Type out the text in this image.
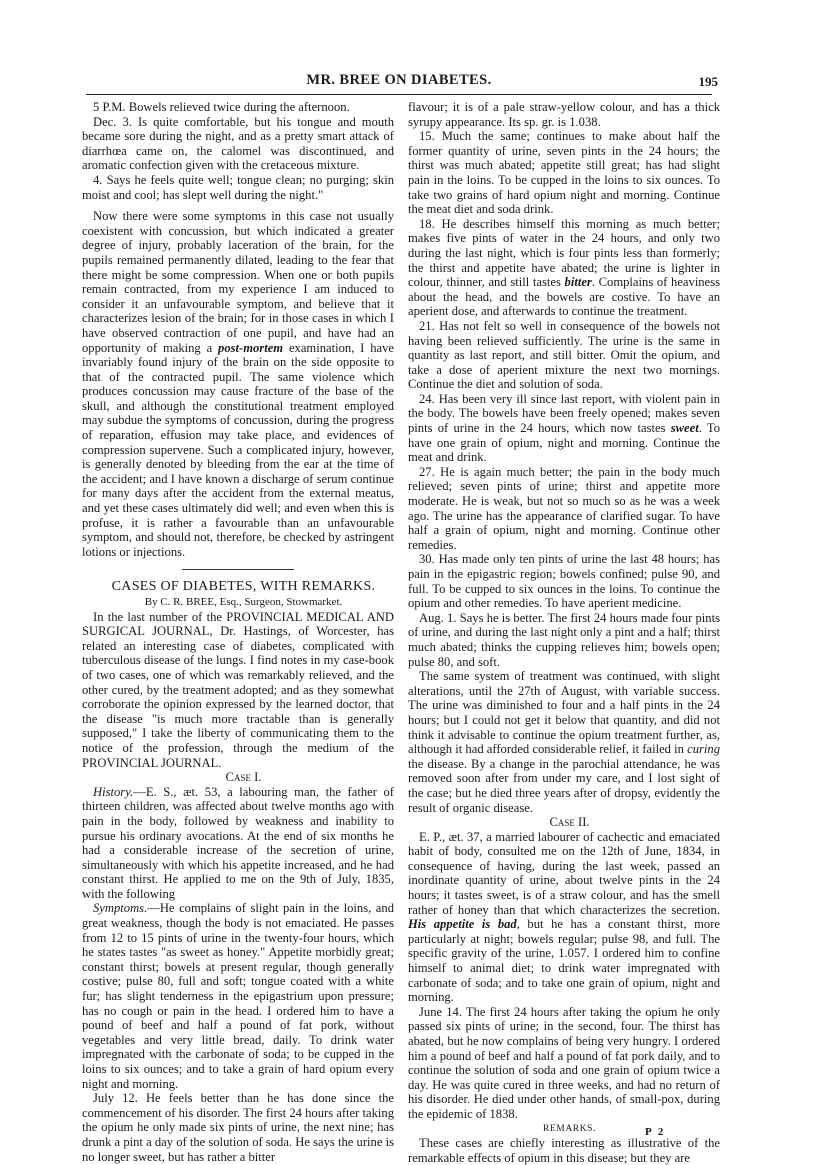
MR. BREE ON DIABETES.	195

5 P.M. Bowels relieved twice during the afternoon.

Dec. 3. Is quite comfortable, but his tongue and mouth became sore during the night, and as a pretty smart attack of diarrhœa came on, the calomel was discontinued, and aromatic confection given with the cretaceous mixture.

4. Says he feels quite well; tongue clean; no purging; skin moist and cool; has slept well during the night."

Now there were some symptoms in this case not usually coexistent with concussion, but which indicated a greater degree of injury, probably laceration of the brain, for the pupils remained permanently dilated, leading to the fear that there might be some compression. When one or both pupils remain contracted, from my experience I am induced to consider it an unfavourable symptom, and believe that it characterizes lesion of the brain; for in those cases in which I have observed contraction of one pupil, and have had an opportunity of making a post-mortem examination, I have invariably found injury of the brain on the side opposite to that of the contracted pupil. The same violence which produces concussion may cause fracture of the base of the skull, and although the constitutional treatment employed may subdue the symptoms of concussion, during the progress of reparation, effusion may take place, and evidences of compression supervene. Such a complicated injury, however, is generally denoted by bleeding from the ear at the time of the accident; and I have known a discharge of serum continue for many days after the accident from the external meatus, and yet these cases ultimately did well; and even when this is profuse, it is rather a favourable than an unfavourable symptom, and should not, therefore, be checked by astringent lotions or injections.

CASES OF DIABETES, WITH REMARKS.

By C. R. BREE, Esq., Surgeon, Stowmarket.

In the last number of the PROVINCIAL MEDICAL AND SURGICAL JOURNAL, Dr. Hastings, of Worcester, has related an interesting case of diabetes, complicated with tuberculous disease of the lungs. I find notes in my case-book of two cases, one of which was remarkably relieved, and the other cured, by the treatment adopted; and as they somewhat corroborate the opinion expressed by the learned doctor, that the disease "is much more tractable than is generally supposed," I take the liberty of communicating them to the notice of the profession, through the medium of the PROVINCIAL JOURNAL.

Case I.

History.—E. S., æt. 53, a labouring man, the father of thirteen children, was affected about twelve months ago with pain in the body, followed by weakness and inability to pursue his ordinary avocations. At the end of six months he had a considerable increase of the secretion of urine, simultaneously with which his appetite increased, and he had constant thirst. He applied to me on the 9th of July, 1835, with the following

Symptoms.—He complains of slight pain in the loins, and great weakness, though the body is not emaciated. He passes from 12 to 15 pints of urine in the twenty-four hours, which he states tastes "as sweet as honey." Appetite morbidly great; constant thirst; bowels at present regular, though generally costive; pulse 80, full and soft; tongue coated with a white fur; has slight tenderness in the epigastrium upon pressure; has no cough or pain in the head. I ordered him to have a pound of beef and half a pound of fat pork, without vegetables and very little bread, daily. To drink water impregnated with the carbonate of soda; to be cupped in the loins to six ounces; and to take a grain of hard opium every night and morning.

July 12. He feels better than he has done since the commencement of his disorder. The first 24 hours after taking the opium he only made six pints of urine, the next nine; has drunk a pint a day of the solution of soda. He says the urine is no longer sweet, but has rather a bitter

flavour; it is of a pale straw-yellow colour, and has a thick syrupy appearance. Its sp. gr. is 1.038.

15. Much the same; continues to make about half the former quantity of urine, seven pints in the 24 hours; the thirst was much abated; appetite still great; has had slight pain in the loins. To be cupped in the loins to six ounces. To take two grains of hard opium night and morning. Continue the meat diet and soda drink.

18. He describes himself this morning as much better; makes five pints of water in the 24 hours, and only two during the last night, which is four pints less than formerly; the thirst and appetite have abated; the urine is lighter in colour, thinner, and still tastes bitter. Complains of heaviness about the head, and the bowels are costive. To have an aperient dose, and afterwards to continue the treatment.

21. Has not felt so well in consequence of the bowels not having been relieved sufficiently. The urine is the same in quantity as last report, and still bitter. Omit the opium, and take a dose of aperient mixture the next two mornings. Continue the diet and solution of soda.

24. Has been very ill since last report, with violent pain in the body. The bowels have been freely opened; makes seven pints of urine in the 24 hours, which now tastes sweet. To have one grain of opium, night and morning. Continue the meat and drink.

27. He is again much better; the pain in the body much relieved; seven pints of urine; thirst and appetite more moderate. He is weak, but not so much so as he was a week ago. The urine has the appearance of clarified sugar. To have half a grain of opium, night and morning. Continue other remedies.

30. Has made only ten pints of urine the last 48 hours; has pain in the epigastric region; bowels confined; pulse 90, and full. To be cupped to six ounces in the loins. To continue the opium and other remedies. To have aperient medicine.

Aug. 1. Says he is better. The first 24 hours made four pints of urine, and during the last night only a pint and a half; thirst much abated; thinks the cupping relieves him; bowels open; pulse 80, and soft.

The same system of treatment was continued, with slight alterations, until the 27th of August, with variable success. The urine was diminished to four and a half pints in the 24 hours; but I could not get it below that quantity, and did not think it advisable to continue the opium treatment further, as, although it had afforded considerable relief, it failed in curing the disease. By a change in the parochial attendance, he was removed soon after from under my care, and I lost sight of the case; but he died three years after of dropsy, evidently the result of organic disease.

Case II.

E. P., æt. 37, a married labourer of cachectic and emaciated habit of body, consulted me on the 12th of June, 1834, in consequence of having, during the last week, passed an inordinate quantity of urine, about twelve pints in the 24 hours; it tastes sweet, is of a straw colour, and has the smell rather of honey than that which characterizes the secretion. His appetite is bad, but he has a constant thirst, more particularly at night; bowels regular; pulse 98, and full. The specific gravity of the urine, 1.057. I ordered him to confine himself to animal diet; to drink water impregnated with carbonate of soda; and to take one grain of opium, night and morning.

June 14. The first 24 hours after taking the opium he only passed six pints of urine; in the second, four. The thirst has abated, but he now complains of being very hungry. I ordered him a pound of beef and half a pound of fat pork daily, and to continue the solution of soda and one grain of opium twice a day. He was quite cured in three weeks, and had no return of his disorder. He died under other hands, of small-pox, during the epidemic of 1838.

REMARKS.

These cases are chiefly interesting as illustrative of the remarkable effects of opium in this disease; but they are

P 2
